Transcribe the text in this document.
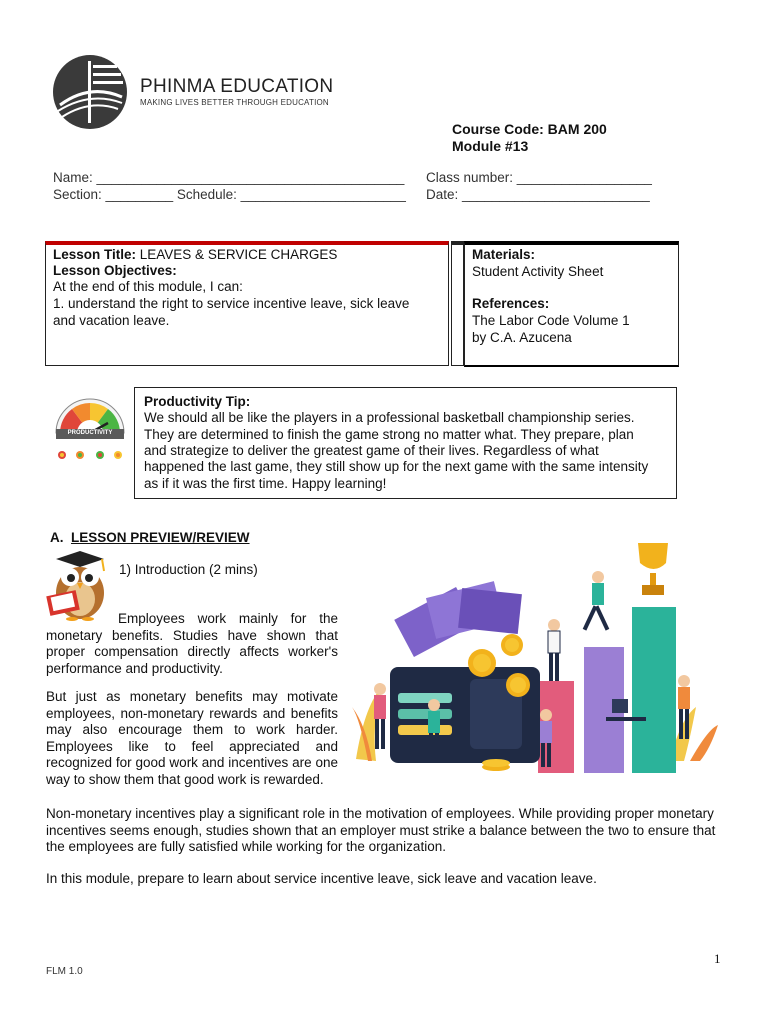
PHINMA EDUCATION
MAKING LIVES BETTER THROUGH EDUCATION
Course Code: BAM 200
Module #13
Name: _________________________________________ Class number: __________________
Section: _________ Schedule: ______________________ Date: _________________________
Lesson Title: LEAVES & SERVICE CHARGES
Lesson Objectives:
At the end of this module, I can:
1. understand the right to service incentive leave, sick leave
and vacation leave.
Materials:
Student Activity Sheet
References:
The Labor Code Volume 1
by C.A. Azucena
PRODUCTIVITY
Productivity Tip:
We should all be like the players in a professional basketball championship series.
They are determined to finish the game strong no matter what. They prepare, plan
and strategize to deliver the greatest game of their lives. Regardless of what
happened the last game, they still show up for the next game with the same intensity
as if it was the first time. Happy learning!
A. LESSON PREVIEW/REVIEW
1) Introduction (2 mins)
Employees work mainly for the monetary benefits. Studies have shown that proper compensation directly affects worker's performance and productivity.
But just as monetary benefits may motivate employees, non-monetary rewards and benefits may also encourage them to work harder. Employees like to feel appreciated and recognized for good work and incentives are one way to show them that good work is rewarded.
Non-monetary incentives play a significant role in the motivation of employees. While providing proper monetary incentives seems enough, studies shown that an employer must strike a balance between the two to ensure that the employees are fully satisfied while working for the organization.
In this module, prepare to learn about service incentive leave, sick leave and vacation leave.
1
FLM 1.0
